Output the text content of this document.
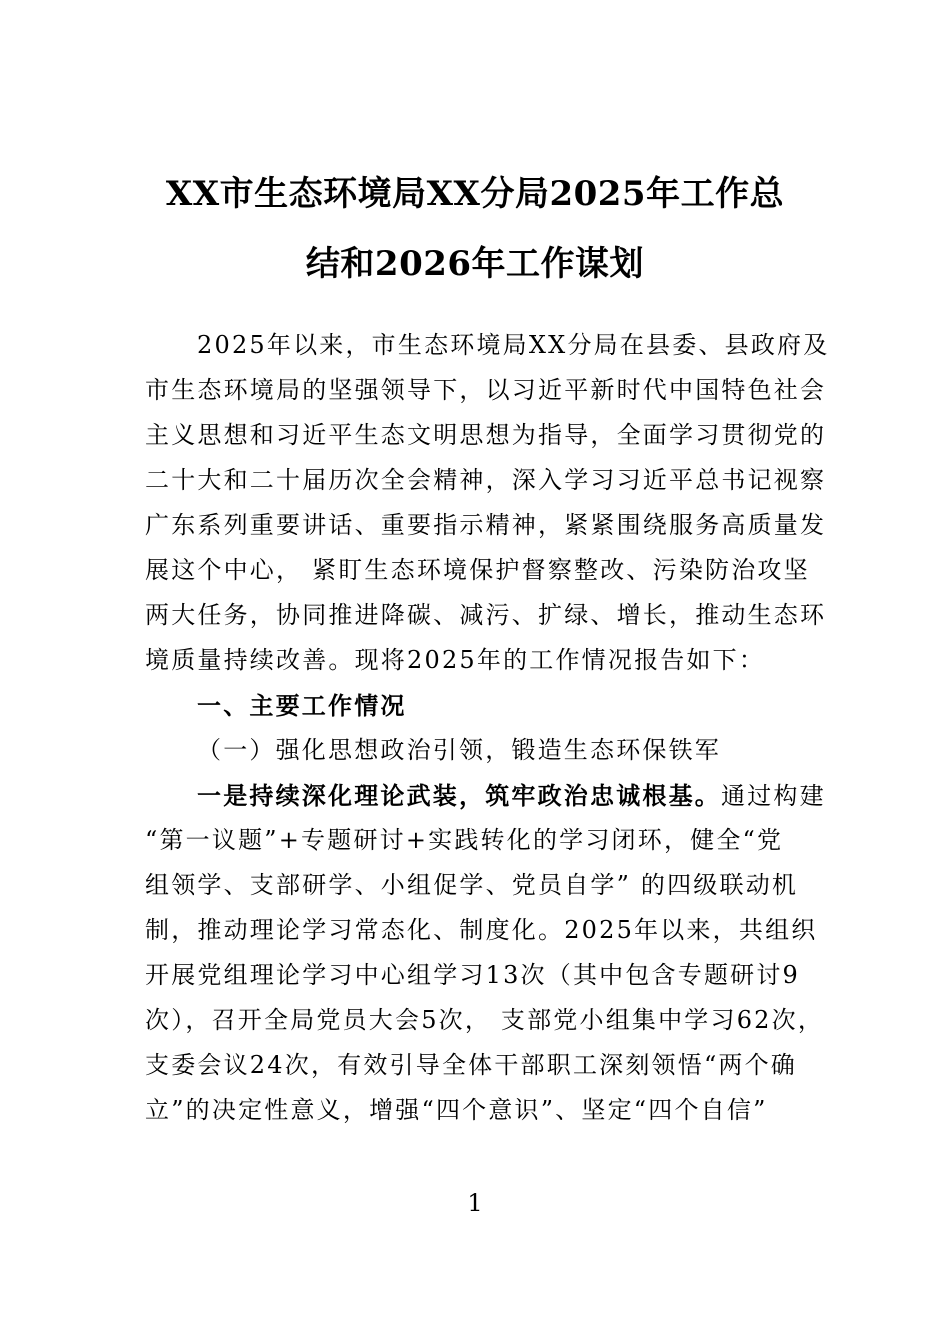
XX市生态环境局XX分局2025年工作总
结和2026年工作谋划
2025年以来，市生态环境局XX分局在县委、县政府及
市生态环境局的坚强领导下，以习近平新时代中国特色社会
主义思想和习近平生态文明思想为指导，全面学习贯彻党的
二十大和二十届历次全会精神，深入学习习近平总书记视察
广东系列重要讲话、重要指示精神，紧紧围绕服务高质量发
展这个中心， 紧盯生态环境保护督察整改、污染防治攻坚
两大任务，协同推进降碳、减污、扩绿、增长，推动生态环
境质量持续改善。现将2025年的工作情况报告如下：
一、主要工作情况
（一）强化思想政治引领，锻造生态环保铁军
一是持续深化理论武装，筑牢政治忠诚根基。通过构建
“第一议题”+专题研讨+实践转化的学习闭环，健全“党
组领学、支部研学、小组促学、党员自学” 的四级联动机
制，推动理论学习常态化、制度化。2025年以来，共组织
开展党组理论学习中心组学习13次（其中包含专题研讨9
次），召开全局党员大会5次， 支部党小组集中学习62次，
支委会议24次，有效引导全体干部职工深刻领悟“两个确
立”的决定性意义，增强“四个意识”、坚定“四个自信”
1
